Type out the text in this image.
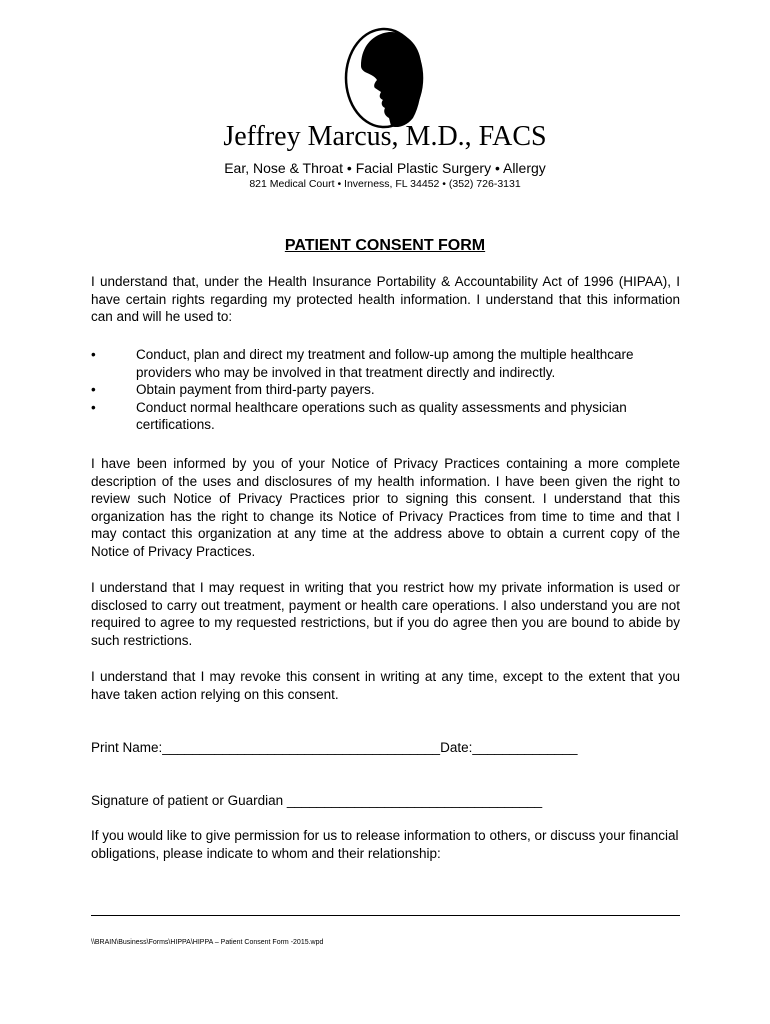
Jeffrey Marcus, M.D., FACS
Ear, Nose & Throat • Facial Plastic Surgery • Allergy
821 Medical Court • Inverness, FL 34452 • (352) 726-3131
PATIENT CONSENT FORM

I understand that, under the Health Insurance Portability & Accountability Act of 1996 (HIPAA), I have certain rights regarding my protected health information. I understand that this information can and will he used to:

•	Conduct, plan and direct my treatment and follow-up among the multiple healthcare providers who may be involved in that treatment directly and indirectly.
•	Obtain payment from third-party payers.
•	Conduct normal healthcare operations such as quality assessments and physician certifications.

I have been informed by you of your Notice of Privacy Practices containing a more complete description of the uses and disclosures of my health information. I have been given the right to review such Notice of Privacy Practices prior to signing this consent. I understand that this organization has the right to change its Notice of Privacy Practices from time to time and that I may contact this organization at any time at the address above to obtain a current copy of the Notice of Privacy Practices.

I understand that I may request in writing that you restrict how my private information is used or disclosed to carry out treatment, payment or health care operations. I also understand you are not required to agree to my requested restrictions, but if you do agree then you are bound to abide by such restrictions.

I understand that I may revoke this consent in writing at any time, except to the extent that you have taken action relying on this consent.

Print Name:_____________________________________Date:______________
Signature of patient or Guardian __________________________________

If you would like to give permission for us to release information to others, or discuss your financial obligations, please indicate to whom and their relationship:

\\BRAIN\Business\Forms\HIPPA\HIPPA – Patient Consent Form -2015.wpd
